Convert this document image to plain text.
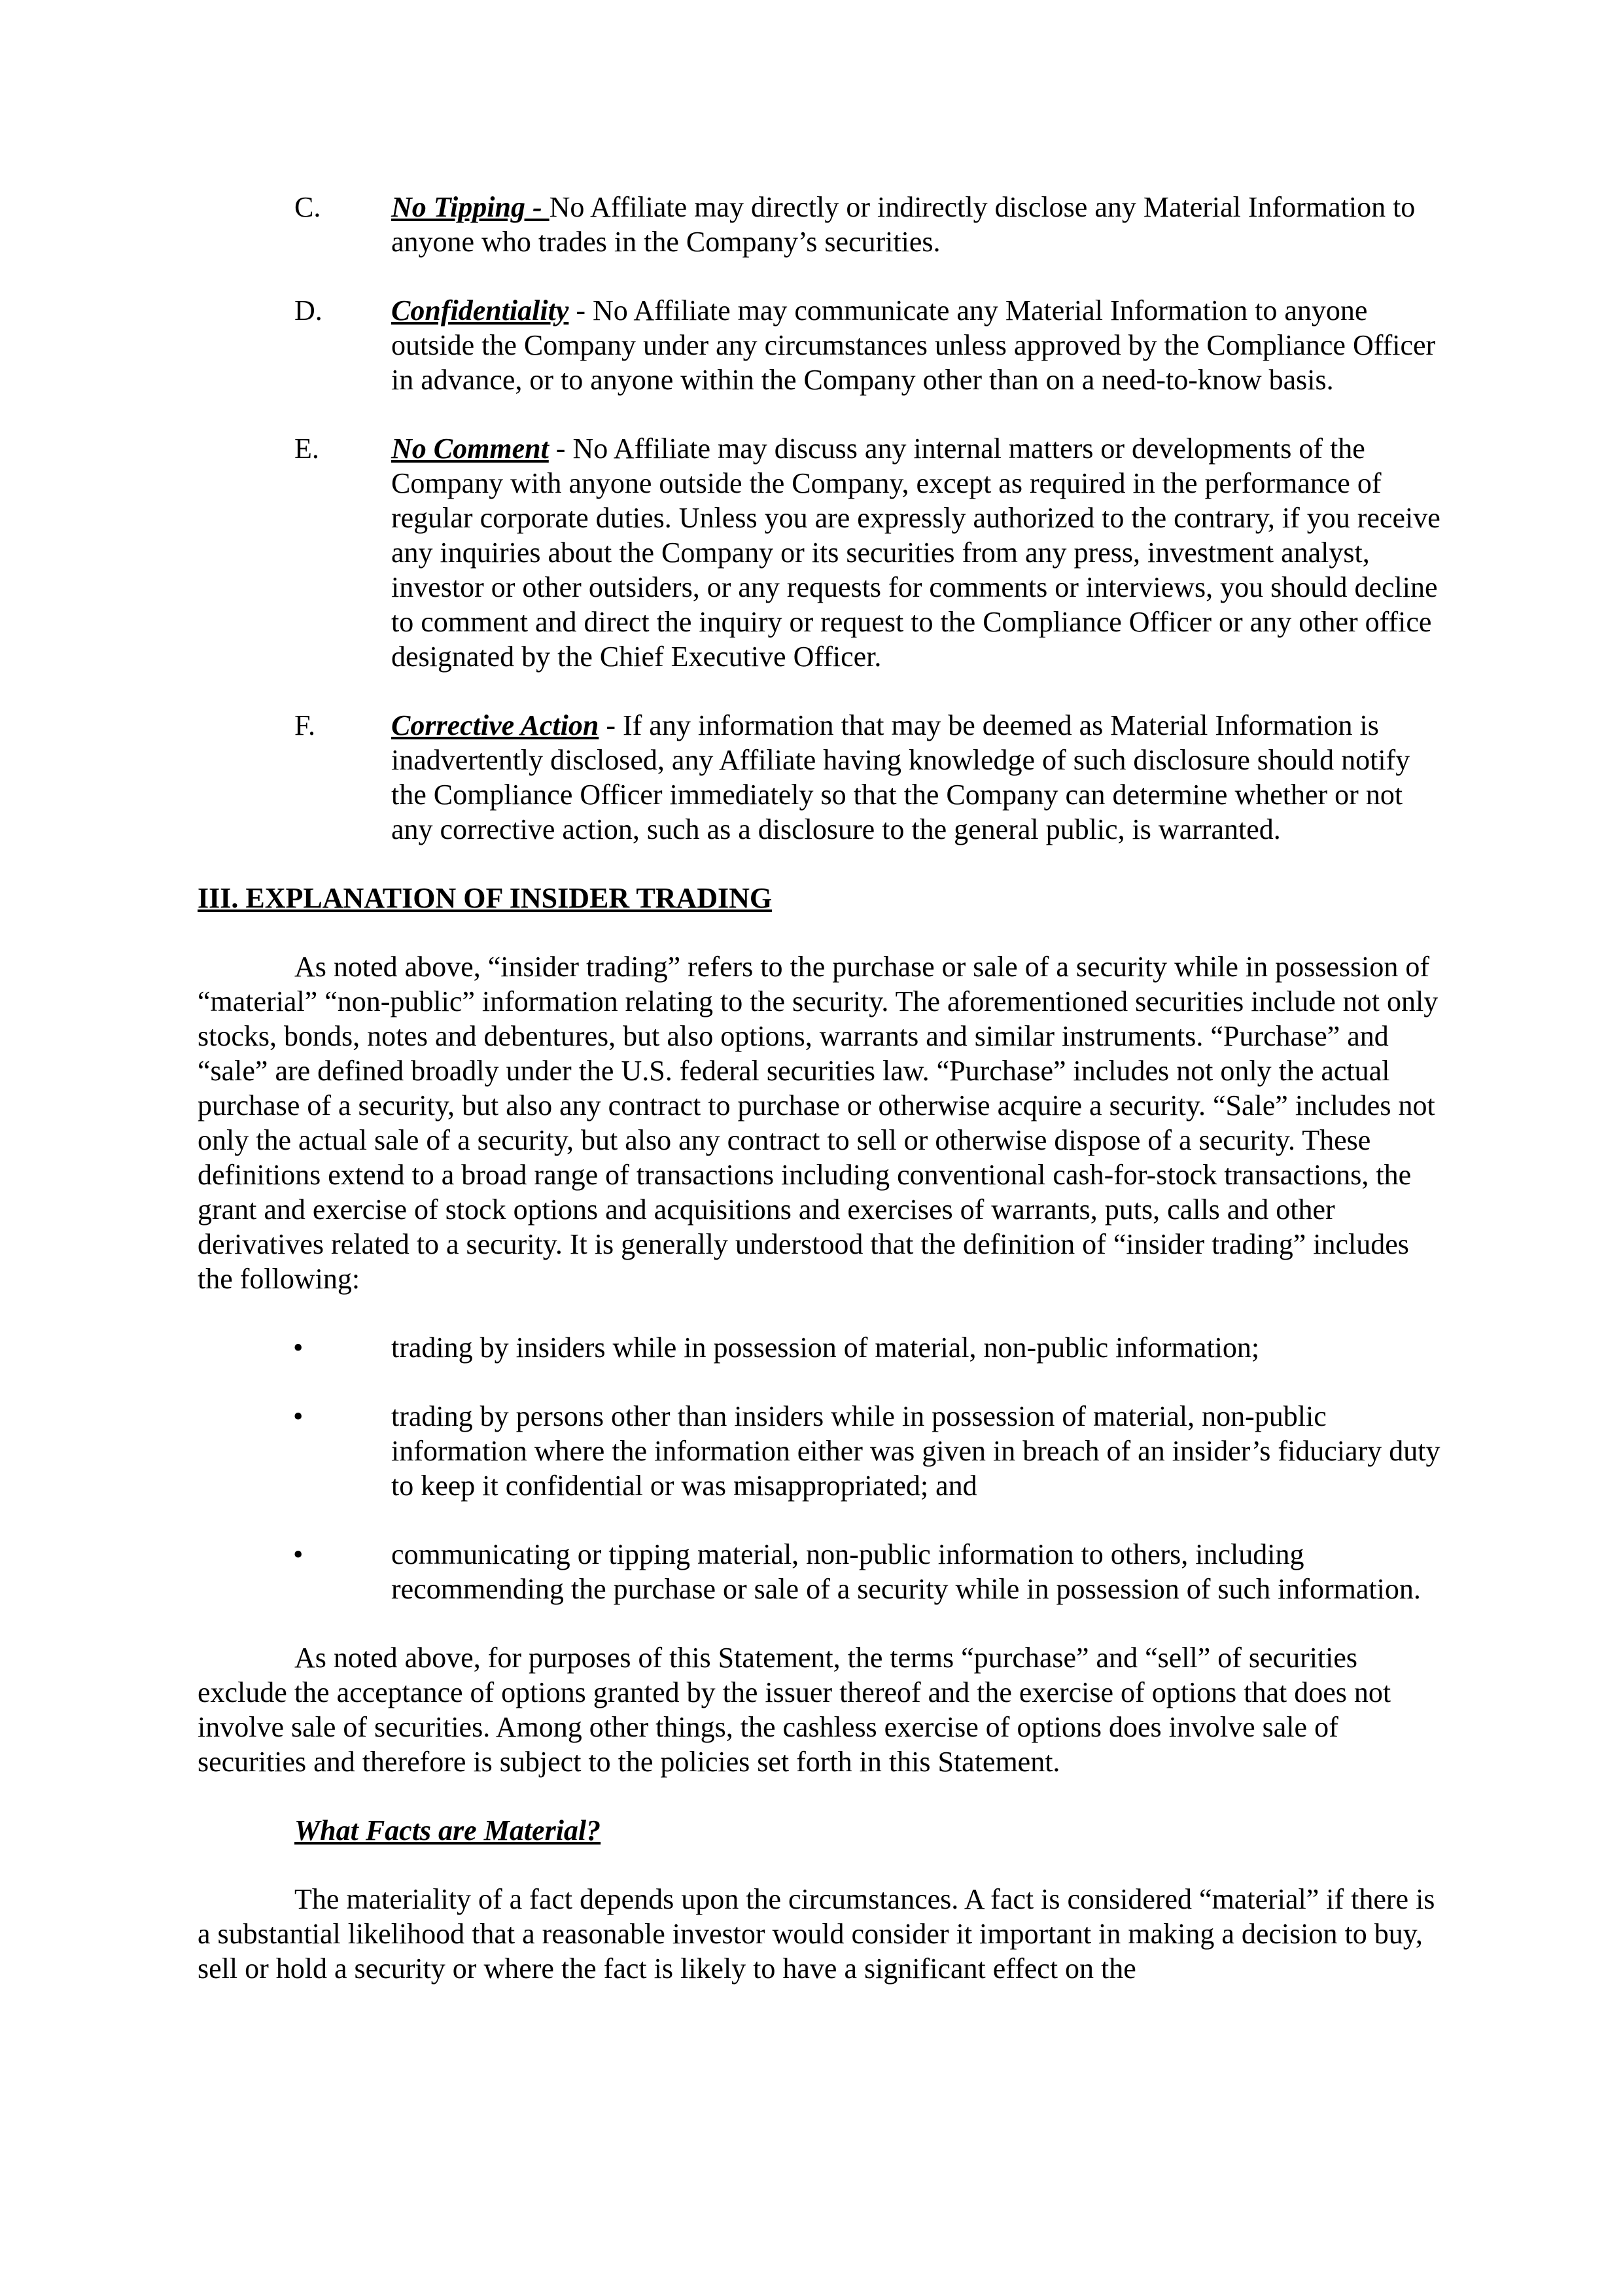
C. No Tipping - No Affiliate may directly or indirectly disclose any Material Information to anyone who trades in the Company’s securities.
D. Confidentiality - No Affiliate may communicate any Material Information to anyone outside the Company under any circumstances unless approved by the Compliance Officer in advance, or to anyone within the Company other than on a need-to-know basis.
E.	No Comment - No Affiliate may discuss any internal matters or developments of the Company with anyone outside the Company, except as required in the performance of regular corporate duties. Unless you are expressly authorized to the contrary, if you receive any inquiries about the Company or its securities from any press, investment analyst, investor or other outsiders, or any requests for comments or interviews, you should decline to comment and direct the inquiry or request to the Compliance Officer or any other office designated by the Chief Executive Officer.
F.	Corrective Action - If any information that may be deemed as Material Information is inadvertently disclosed, any Affiliate having knowledge of such disclosure should notify the Compliance Officer immediately so that the Company can determine whether or not any corrective action, such as a disclosure to the general public, is warranted.
III. EXPLANATION OF INSIDER TRADING

As noted above, “insider trading” refers to the purchase or sale of a security while in possession of “material” “non-public” information relating to the security. The aforementioned securities include not only stocks, bonds, notes and debentures, but also options, warrants and similar instruments. “Purchase” and “sale” are defined broadly under the U.S. federal securities law. “Purchase” includes not only the actual purchase of a security, but also any contract to purchase or otherwise acquire a security. “Sale” includes not only the actual sale of a security, but also any contract to sell or otherwise dispose of a security. These definitions extend to a broad range of transactions including conventional cash-for-stock transactions, the grant and exercise of stock options and acquisitions and exercises of warrants, puts, calls and other derivatives related to a security. It is generally understood that the definition of “insider trading” includes the following:

•	trading by insiders while in possession of material, non-public information;
•	trading by persons other than insiders while in possession of material, non-public information where the information either was given in breach of an insider’s fiduciary duty to keep it confidential or was misappropriated; and
•	communicating or tipping material, non-public information to others, including recommending the purchase or sale of a security while in possession of such information.

As noted above, for purposes of this Statement, the terms “purchase” and “sell” of securities exclude the acceptance of options granted by the issuer thereof and the exercise of options that does not involve sale of securities. Among other things, the cashless exercise of options does involve sale of securities and therefore is subject to the policies set forth in this Statement.

What Facts are Material?

The materiality of a fact depends upon the circumstances. A fact is considered “material” if there is a substantial likelihood that a reasonable investor would consider it important in making a decision to buy, sell or hold a security or where the fact is likely to have a significant effect on the
